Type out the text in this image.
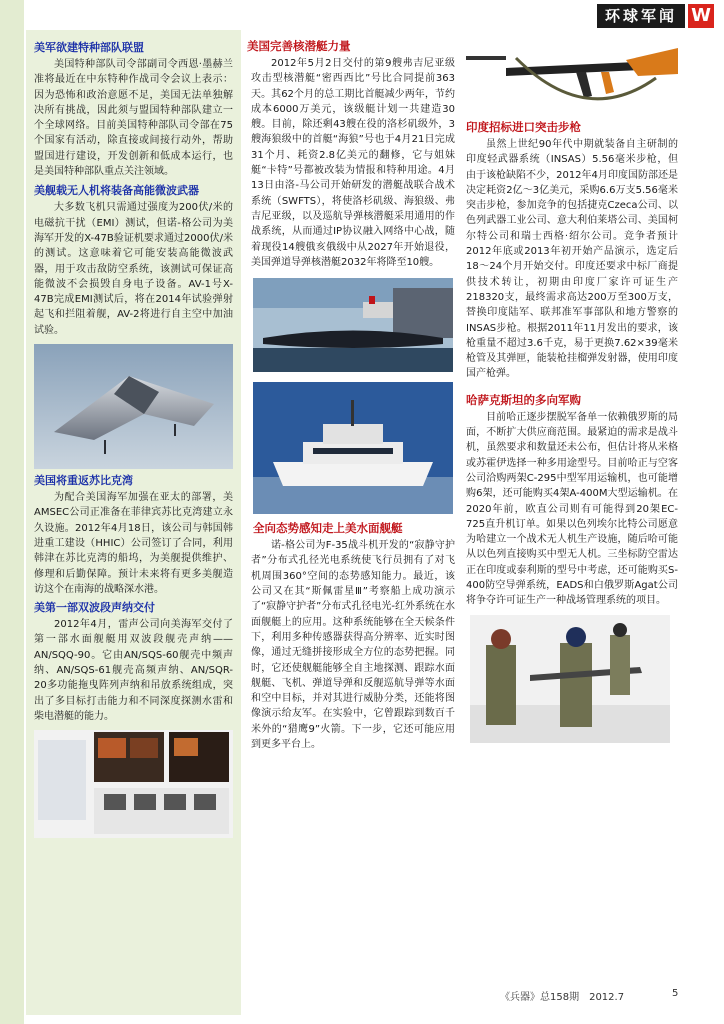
环球军闻 W
美军欲建特种部队联盟

美国特种部队司令部副司令西恩·墨赫兰准将最近在中东特种作战司令会议上表示：因为恐怖和政治意愿不足，美国无法单独解决所有挑战，因此须与盟国特种部队建立一个全球网络。目前美国特种部队司令部在75个国家有活动，除直接或间接行动外，帮助盟国进行建设，开发创新和低成本运行，也是美国特种部队重点关注领域。

美舰载无人机将装备高能微波武器

大多数飞机只需通过强度为200伏/米的电磁抗干扰（EMI）测试，但诺-格公司为美海军开发的X-47B验证机要求通过2000伏/米的测试。这意味着它可能安装高能微波武器，用于攻击敌防空系统，该测试可保证高能微波不会损毁自身电子设备。AV-1号X-47B完成EMI测试后，将在2014年试验弹射起飞和拦阻着舰，AV-2将进行自主空中加油试验。

美国将重返苏比克湾

为配合美国海军加强在亚太的部署，美AMSEC公司正准备在菲律宾苏比克湾建立永久设施。2012年4月18日，该公司与韩国韩进重工建设（HHIC）公司签订了合同，利用韩津在苏比克湾的船坞，为美舰提供维护、修理和后勤保障。预计未来将有更多美舰造访这个在南海的战略深水港。

美第一部双波段声纳交付

2012年4月，雷声公司向美海军交付了第一部水面舰艇用双波段舰壳声纳——AN/SQQ-90。它由AN/SQS-60舰壳中频声纳、AN/SQS-61舰壳高频声纳、AN/SQR-20多功能拖曳阵列声纳和吊放系统组成，突出了多目标打击能力和不同深度探测水雷和柴电潜艇的能力。

美国完善核潜艇力量

2012年5月2日交付的第9艘弗吉尼亚级攻击型核潜艇“密西西比”号比合同提前363天。其62个月的总工期比首艇减少两年，节约成本6000万美元，该级艇计划一共建造30艘。目前，除还剩43艘在役的洛杉矶级外，3艘海狼级中的首艇“海狼”号也于4月21日完成31个月、耗资2.8亿美元的翻修，它与姐妹艇“卡特”号都被改装为情报和特种用途。4月13日由洛-马公司开始研发的潜艇战联合战术系统（SWFTS），将使洛杉矶级、海狼级、弗吉尼亚级，以及巡航导弹核潜艇采用通用的作战系统，从而通过IP协议融入网络中心战，随着现役14艘俄亥俄级中从2027年开始退役，美国弹道导弹核潜艇2032年将降至10艘。

全向态势感知走上美水面舰艇

诺-格公司为F-35战斗机开发的“寂静守护者”分布式孔径光电系统使飞行员拥有了对飞机周围360°空间的态势感知能力。最近，该公司又在其“斯佩雷星Ⅲ”考察船上成功演示了“寂静守护者”分布式孔径电光-红外系统在水面舰艇上的应用。这种系统能够在全天候条件下，利用多种传感器获得高分辨率、近实时图像，通过无缝拼接形成全方位的态势把握。同时，它还使舰艇能够全自主地探测、跟踪水面舰艇、飞机、弹道导弹和反舰巡航导弹等水面和空中目标，并对其进行威胁分类，还能将图像演示给友军。在实验中，它曾跟踪到数百千米外的“猎鹰9”火箭。下一步，它还可能应用到更多平台上。

印度招标进口突击步枪

虽然上世纪90年代中期就装备自主研制的印度轻武器系统（INSAS）5.56毫米步枪，但由于该枪缺陷不少，2012年4月印度国防部还是决定耗资2亿～3亿美元，采购6.6万支5.56毫米突击步枪，参加竞争的包括捷克Czeca公司、以色列武器工业公司、意大利伯莱塔公司、美国柯尔特公司和瑞士西格·绍尔公司。竞争者预计2012年底或2013年初开始产品演示，选定后18～24个月开始交付。印度还要求中标厂商提供技术转让，初期由印度厂家许可证生产218320支，最终需求高达200万至300万支，替换印度陆军、联邦准军事部队和地方警察的INSAS步枪。根据2011年11月发出的要求，该枪重量不超过3.6千克，易于更换7.62×39毫米枪管及其弹匣，能装枪挂榴弹发射器，使用印度国产枪弹。

哈萨克斯坦的多向军购

目前哈正逐步摆脱军备单一依赖俄罗斯的局面，不断扩大供应商范围。最紧迫的需求是战斗机，虽然要求和数量还未公布，但估计将从米格或苏霍伊选择一种多用途型号。目前哈正与空客公司洽购两架C-295中型军用运输机，也可能增购6架，还可能购买4架A-400M大型运输机。在2020年前，欧直公司则有可能得到20架EC-725直升机订单。如果以色列埃尔比特公司愿意为哈建立一个战术无人机生产设施，随后哈可能从以色列直接购买中型无人机。三坐标防空雷达正在印度或泰利斯的型号中考虑，还可能购买S-400防空导弹系统，EADS和白俄罗斯Agat公司将争夺许可证生产一种战场管理系统的项目。

《兵器》总158期　2012.7	5
